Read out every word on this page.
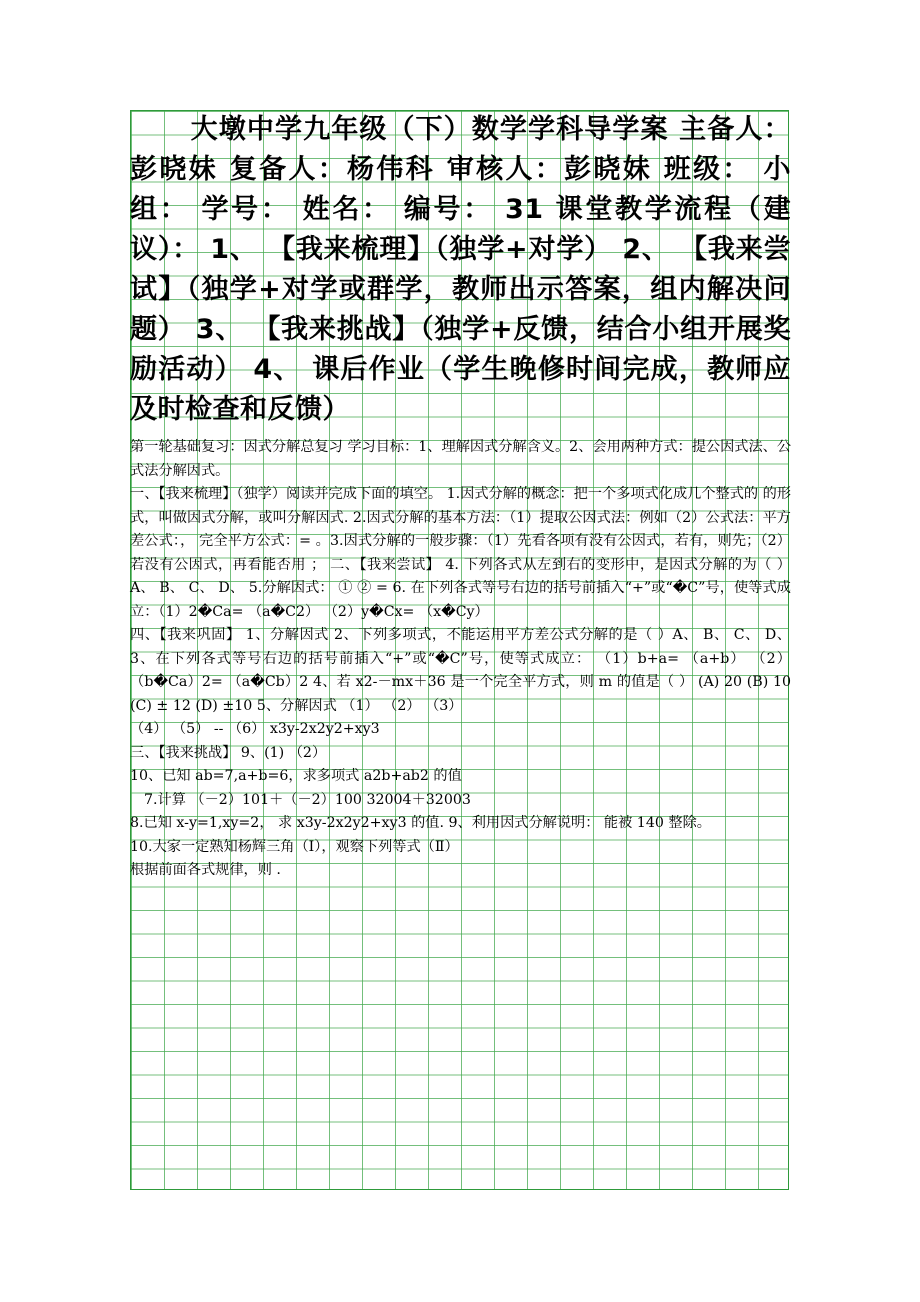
大墩中学九年级（下）数学学科导学案 主备人：彭晓妹 复备人：杨伟科 审核人：彭晓妹 班级： 小组： 学号： 姓名： 编号： 31 课堂教学流程（建议）： 1、 【我来梳理】（独学+对学） 2、 【我来尝试】（独学+对学或群学，教师出示答案，组内解决问题） 3、 【我来挑战】（独学+反馈，结合小组开展奖励活动） 4、 课后作业（学生晚修时间完成，教师应及时检查和反馈）

第一轮基础复习：因式分解总复习 学习目标：1、理解因式分解含义。2、会用两种方式：提公因式法、公式法分解因式。

一、【我来梳理】（独学）阅读并完成下面的填空。 1.因式分解的概念：把一个多项式化成几个整式的 的形式，叫做因式分解，或叫分解因式. 2.因式分解的基本方法：（1）提取公因式法：例如（2）公式法：平方差公式：， 完全平方公式：= 。3.因式分解的一般步骤：（1）先看各项有没有公因式，若有，则先；（2）若没有公因式，再看能否用 ； 二、【我来尝试】 4. 下列各式从左到右的变形中，是因式分解的为（ ） A、 B、 C、 D、 5.分解因式： ① ② = 6. 在下列各式等号右边的括号前插入“+”或“�C”号，使等式成立：（1）2�Ca= （a�C2） （2）y�Cx= （x�Cy）

四、【我来巩固】 1、分解因式 2、下列多项式，不能运用平方差公式分解的是（ ）A、 B、 C、 D、 3、在下列各式等号右边的括号前插入“+”或“�C”号，使等式成立： （1）b+a= （a+b） （2）（b�Ca）2= （a�Cb）2 4、若 x2-－mx＋36 是一个完全平方式，则 m 的值是（ ） (A) 20 (B) 10 (C) ± 12 (D) ±10 5、分解因式 （1） （2） （3）

（4） （5） -- （6） x3y-2x2y2+xy3

三、【我来挑战】 9、(1) （2）

10、已知 ab=7,a+b=6，求多项式 a2b+ab2 的值

7.计算 （－2）101＋（－2）100 32004＋32003

8.已知 x-y=1,xy=2， 求 x3y-2x2y2+xy3 的值. 9、利用因式分解说明： 能被 140 整除。

10.大家一定熟知杨辉三角（Ⅰ），观察下列等式（Ⅱ）

根据前面各式规律，则 .
